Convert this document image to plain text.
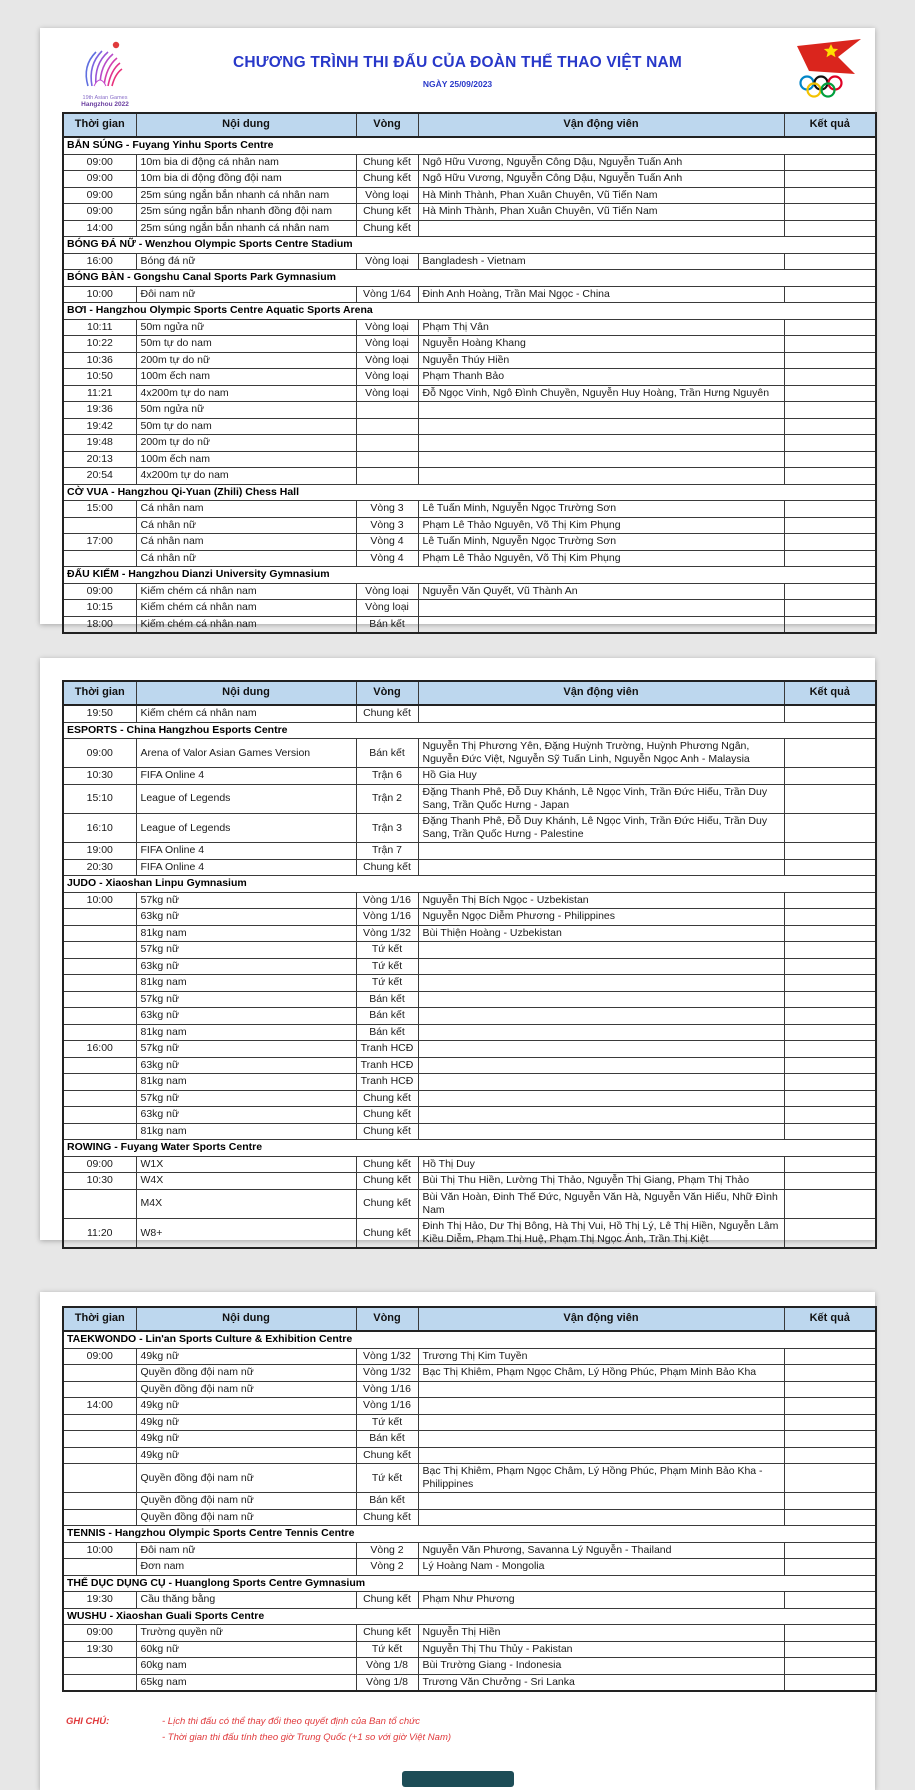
19th Asian Games
Hangzhou 2022
CHƯƠNG TRÌNH THI ĐẤU CỦA ĐOÀN THỂ THAO VIỆT NAM
NGÀY 25/09/2023
Thời gian	Nội dung	Vòng	Vận động viên	Kết quả
BẮN SÚNG - Fuyang Yinhu Sports Centre				
09:00	10m bia di động cá nhân nam	Chung kết	Ngô Hữu Vương, Nguyễn Công Dậu, Nguyễn Tuấn Anh	
09:00	10m bia di động đồng đội nam	Chung kết	Ngô Hữu Vương, Nguyễn Công Dậu, Nguyễn Tuấn Anh	
09:00	25m súng ngắn bắn nhanh cá nhân nam	Vòng loại	Hà Minh Thành, Phan Xuân Chuyên, Vũ Tiến Nam	
09:00	25m súng ngắn bắn nhanh đồng đội nam	Chung kết	Hà Minh Thành, Phan Xuân Chuyên, Vũ Tiến Nam	
14:00	25m súng ngắn bắn nhanh cá nhân nam	Chung kết		
BÓNG ĐÁ NỮ - Wenzhou Olympic Sports Centre Stadium				
16:00	Bóng đá nữ	Vòng loại	Bangladesh - Vietnam	
BÓNG BÀN - Gongshu Canal Sports Park Gymnasium				
10:00	Đôi nam nữ	Vòng 1/64	Đinh Anh Hoàng, Trần Mai Ngọc - China	
BƠI - Hangzhou Olympic Sports Centre Aquatic Sports Arena				
10:11	50m ngửa nữ	Vòng loại	Phạm Thị Vân	
10:22	50m tự do nam	Vòng loại	Nguyễn Hoàng Khang	
10:36	200m tự do nữ	Vòng loại	Nguyễn Thúy Hiền	
10:50	100m ếch nam	Vòng loại	Phạm Thanh Bảo	
11:21	4x200m tự do nam	Vòng loại	Đỗ Ngọc Vinh, Ngô Đình Chuyền, Nguyễn Huy Hoàng, Trần Hưng Nguyên	
19:36	50m ngửa nữ			
19:42	50m tự do nam			
19:48	200m tự do nữ			
20:13	100m ếch nam			
20:54	4x200m tự do nam			
CỜ VUA - Hangzhou Qi-Yuan (Zhili) Chess Hall				
15:00	Cá nhân nam	Vòng 3	Lê Tuấn Minh, Nguyễn Ngọc Trường Sơn	
	Cá nhân nữ	Vòng 3	Phạm Lê Thảo Nguyên, Võ Thị Kim Phụng	
17:00	Cá nhân nam	Vòng 4	Lê Tuấn Minh, Nguyễn Ngọc Trường Sơn	
	Cá nhân nữ	Vòng 4	Phạm Lê Thảo Nguyên, Võ Thị Kim Phụng	
ĐẤU KIẾM - Hangzhou Dianzi University Gymnasium				
09:00	Kiếm chém cá nhân nam	Vòng loại	Nguyễn Văn Quyết, Vũ Thành An	
10:15	Kiếm chém cá nhân nam	Vòng loại		
18:00	Kiếm chém cá nhân nam	Bán kết		
Thời gian	Nội dung	Vòng	Vận động viên	Kết quả
19:50	Kiếm chém cá nhân nam	Chung kết		
ESPORTS - China Hangzhou Esports Centre				
09:00	Arena of Valor Asian Games Version	Bán kết	Nguyễn Thị Phương Yên, Đặng Huỳnh Trường, Huỳnh Phương Ngân, Nguyễn Đức Việt, Nguyễn Sỹ Tuấn Linh, Nguyễn Ngọc Anh - Malaysia	
10:30	FIFA Online 4	Trận 6	Hồ Gia Huy	
15:10	League of Legends	Trận 2	Đặng Thanh Phê, Đỗ Duy Khánh, Lê Ngọc Vinh, Trần Đức Hiếu, Trần Duy Sang, Trần Quốc Hưng - Japan	
16:10	League of Legends	Trận 3	Đặng Thanh Phê, Đỗ Duy Khánh, Lê Ngọc Vinh, Trần Đức Hiếu, Trần Duy Sang, Trần Quốc Hưng - Palestine	
19:00	FIFA Online 4	Trận 7		
20:30	FIFA Online 4	Chung kết		
JUDO - Xiaoshan Linpu Gymnasium				
10:00	57kg nữ	Vòng 1/16	Nguyễn Thị Bích Ngọc - Uzbekistan	
	63kg nữ	Vòng 1/16	Nguyễn Ngọc Diễm Phương - Philippines	
	81kg nam	Vòng 1/32	Bùi Thiện Hoàng - Uzbekistan	
	57kg nữ	Tứ kết		
	63kg nữ	Tứ kết		
	81kg nam	Tứ kết		
	57kg nữ	Bán kết		
	63kg nữ	Bán kết		
	81kg nam	Bán kết		
16:00	57kg nữ	Tranh HCĐ		
	63kg nữ	Tranh HCĐ		
	81kg nam	Tranh HCĐ		
	57kg nữ	Chung kết		
	63kg nữ	Chung kết		
	81kg nam	Chung kết		
ROWING - Fuyang Water Sports Centre				
09:00	W1X	Chung kết	Hồ Thị Duy	
10:30	W4X	Chung kết	Bùi Thị Thu Hiền, Lường Thị Thảo, Nguyễn Thị Giang, Phạm Thị Thảo	
	M4X	Chung kết	Bùi Văn Hoàn, Đinh Thế Đức, Nguyễn Văn Hà, Nguyễn Văn Hiếu, Nhữ Đình Nam	
11:20	W8+	Chung kết	Đinh Thị Hảo, Dư Thị Bông, Hà Thị Vui, Hồ Thị Lý, Lê Thị Hiền, Nguyễn Lâm Kiều Diễm, Phạm Thị Huệ, Phạm Thị Ngọc Ánh, Trần Thị Kiệt	
Thời gian	Nội dung	Vòng	Vận động viên	Kết quả
TAEKWONDO - Lin'an Sports Culture & Exhibition Centre				
09:00	49kg nữ	Vòng 1/32	Trương Thị Kim Tuyền	
	Quyền đồng đội nam nữ	Vòng 1/32	Bạc Thị Khiêm, Phạm Ngọc Châm, Lý Hồng Phúc, Phạm Minh Bảo Kha	
	Quyền đồng đội nam nữ	Vòng 1/16		
14:00	49kg nữ	Vòng 1/16		
	49kg nữ	Tứ kết		
	49kg nữ	Bán kết		
	49kg nữ	Chung kết		
	Quyền đồng đội nam nữ	Tứ kết	Bạc Thị Khiêm, Phạm Ngọc Châm, Lý Hồng Phúc, Phạm Minh Bảo Kha - Philippines	
	Quyền đồng đội nam nữ	Bán kết		
	Quyền đồng đội nam nữ	Chung kết		
TENNIS - Hangzhou Olympic Sports Centre Tennis Centre				
10:00	Đôi nam nữ	Vòng 2	Nguyễn Văn Phương, Savanna Lý Nguyễn - Thailand	
	Đơn nam	Vòng 2	Lý Hoàng Nam - Mongolia	
THỂ DỤC DỤNG CỤ - Huanglong Sports Centre Gymnasium				
19:30	Cầu thăng bằng	Chung kết	Phạm Như Phương	
WUSHU - Xiaoshan Guali Sports Centre				
09:00	Trường quyền nữ	Chung kết	Nguyễn Thị Hiền	
19:30	60kg nữ	Tứ kết	Nguyễn Thị Thu Thủy - Pakistan	
	60kg nam	Vòng 1/8	Bùi Trường Giang - Indonesia	
	65kg nam	Vòng 1/8	Trương Văn Chưởng - Sri Lanka	
GHI CHÚ:	- Lịch thi đấu có thể thay đổi theo quyết định của Ban tổ chức
- Thời gian thi đấu tính theo giờ Trung Quốc (+1 so với giờ Việt Nam)
